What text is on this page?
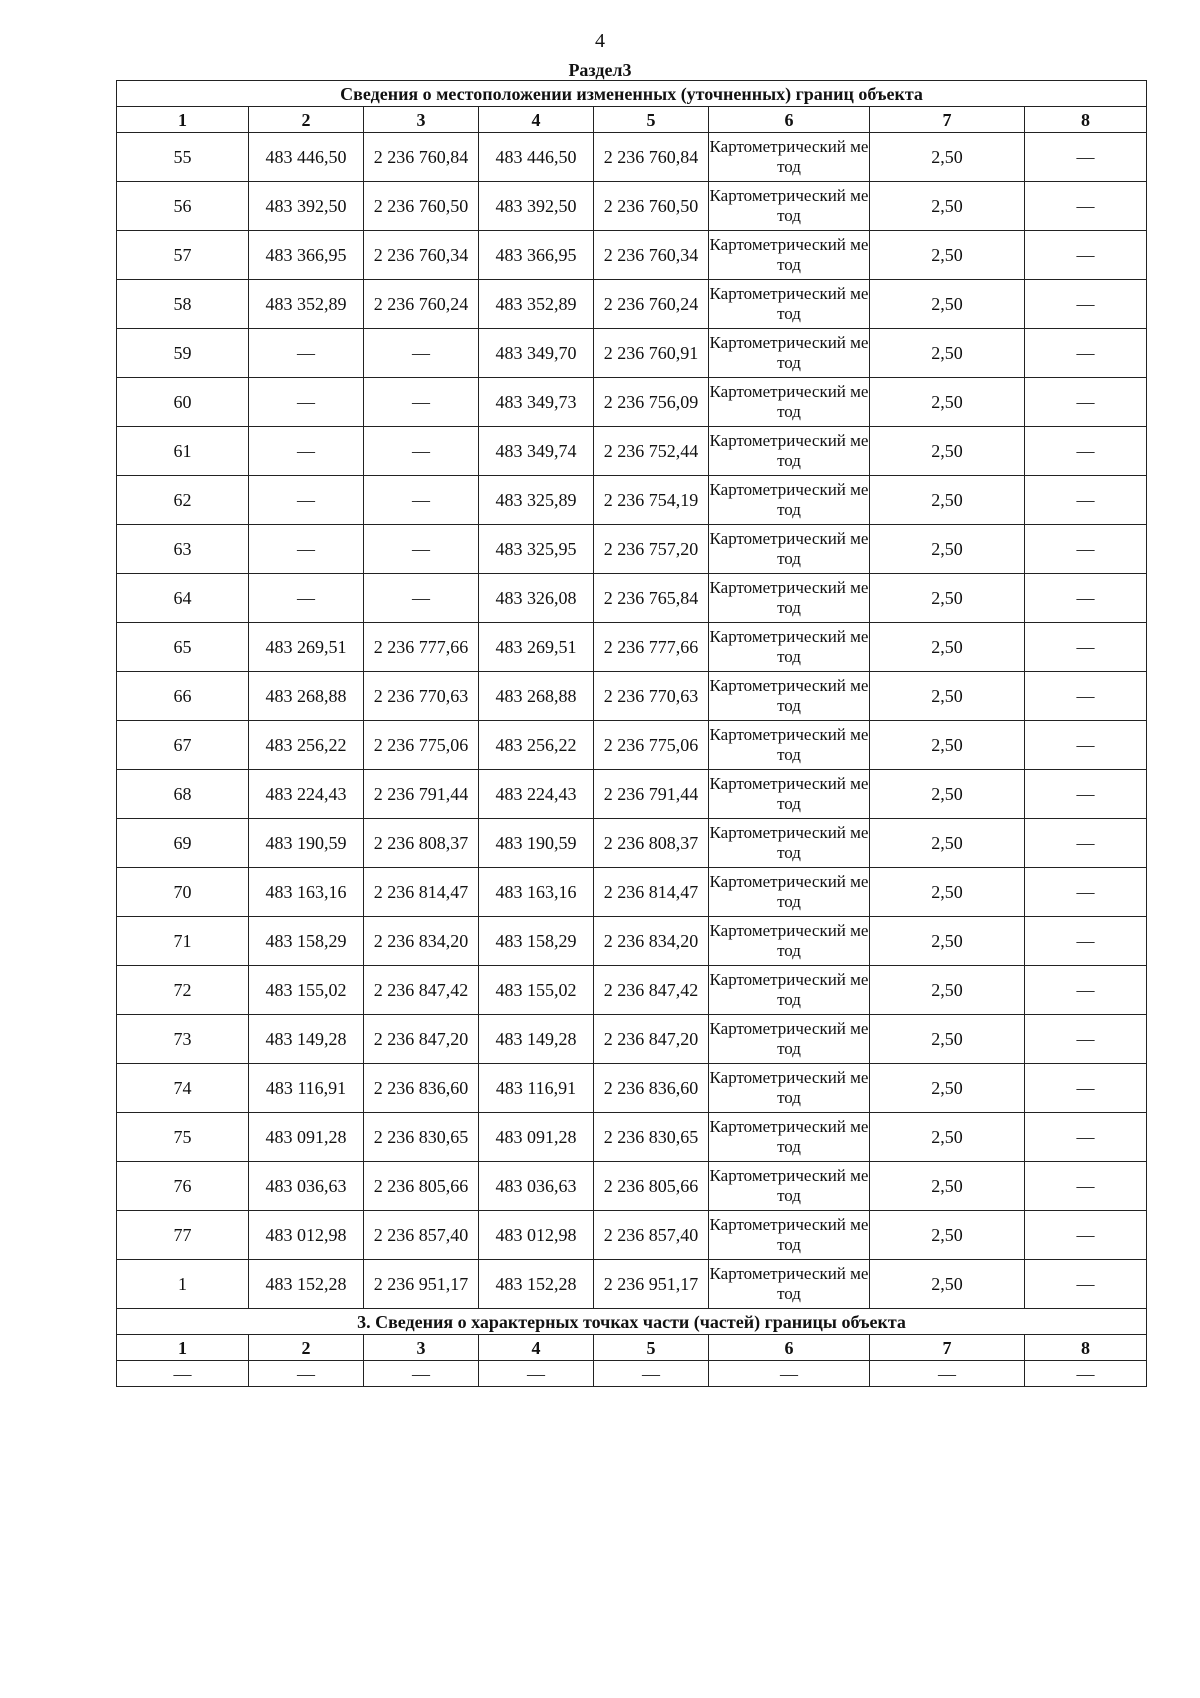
4
Раздел3
Сведения о местоположении измененных (уточненных) границ объекта							
1	2	3	4	5	6	7	8
55	483 446,50	2 236 760,84	483 446,50	2 236 760,84	Картометрический метод	2,50	—
56	483 392,50	2 236 760,50	483 392,50	2 236 760,50	Картометрический метод	2,50	—
57	483 366,95	2 236 760,34	483 366,95	2 236 760,34	Картометрический метод	2,50	—
58	483 352,89	2 236 760,24	483 352,89	2 236 760,24	Картометрический метод	2,50	—
59	—	—	483 349,70	2 236 760,91	Картометрический метод	2,50	—
60	—	—	483 349,73	2 236 756,09	Картометрический метод	2,50	—
61	—	—	483 349,74	2 236 752,44	Картометрический метод	2,50	—
62	—	—	483 325,89	2 236 754,19	Картометрический метод	2,50	—
63	—	—	483 325,95	2 236 757,20	Картометрический метод	2,50	—
64	—	—	483 326,08	2 236 765,84	Картометрический метод	2,50	—
65	483 269,51	2 236 777,66	483 269,51	2 236 777,66	Картометрический метод	2,50	—
66	483 268,88	2 236 770,63	483 268,88	2 236 770,63	Картометрический метод	2,50	—
67	483 256,22	2 236 775,06	483 256,22	2 236 775,06	Картометрический метод	2,50	—
68	483 224,43	2 236 791,44	483 224,43	2 236 791,44	Картометрический метод	2,50	—
69	483 190,59	2 236 808,37	483 190,59	2 236 808,37	Картометрический метод	2,50	—
70	483 163,16	2 236 814,47	483 163,16	2 236 814,47	Картометрический метод	2,50	—
71	483 158,29	2 236 834,20	483 158,29	2 236 834,20	Картометрический метод	2,50	—
72	483 155,02	2 236 847,42	483 155,02	2 236 847,42	Картометрический метод	2,50	—
73	483 149,28	2 236 847,20	483 149,28	2 236 847,20	Картометрический метод	2,50	—
74	483 116,91	2 236 836,60	483 116,91	2 236 836,60	Картометрический метод	2,50	—
75	483 091,28	2 236 830,65	483 091,28	2 236 830,65	Картометрический метод	2,50	—
76	483 036,63	2 236 805,66	483 036,63	2 236 805,66	Картометрический метод	2,50	—
77	483 012,98	2 236 857,40	483 012,98	2 236 857,40	Картометрический метод	2,50	—
1	483 152,28	2 236 951,17	483 152,28	2 236 951,17	Картометрический метод	2,50	—
3. Сведения о характерных точках части (частей) границы объекта							
1	2	3	4	5	6	7	8
—	—	—	—	—	—	—	—
